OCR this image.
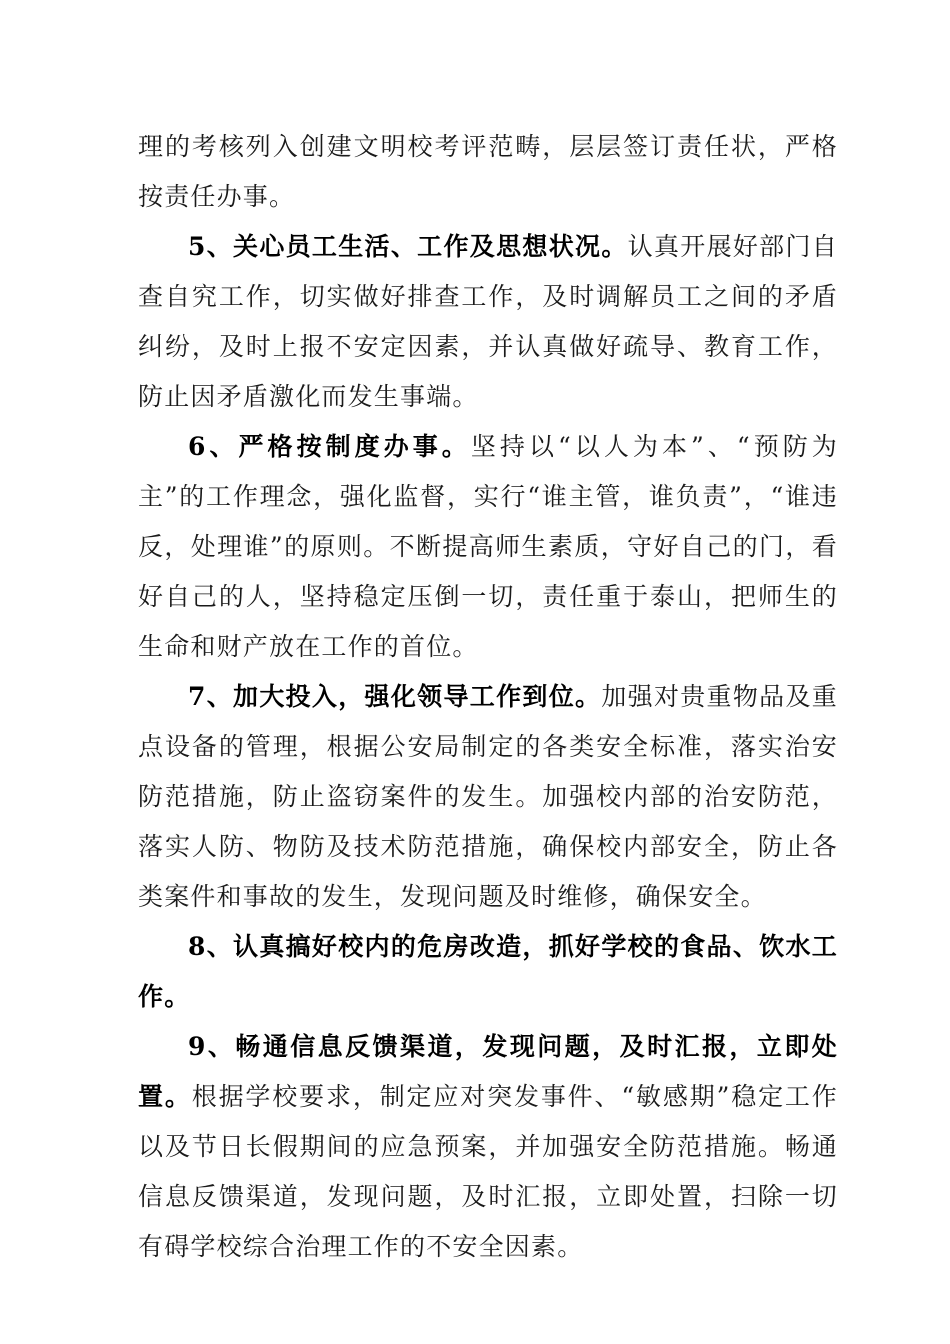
理的考核列入创建文明校考评范畴，层层签订责任状，严格按责任办事。

5、关心员工生活、工作及思想状况。认真开展好部门自查自究工作，切实做好排查工作，及时调解员工之间的矛盾纠纷，及时上报不安定因素，并认真做好疏导、教育工作，防止因矛盾激化而发生事端。

6、严格按制度办事。坚持以“以人为本”、“预防为主”的工作理念，强化监督，实行“谁主管，谁负责”，“谁违反，处理谁”的原则。不断提高师生素质，守好自己的门，看好自己的人，坚持稳定压倒一切，责任重于泰山，把师生的生命和财产放在工作的首位。

7、加大投入，强化领导工作到位。加强对贵重物品及重点设备的管理，根据公安局制定的各类安全标准，落实治安防范措施，防止盗窃案件的发生。加强校内部的治安防范，落实人防、物防及技术防范措施，确保校内部安全，防止各类案件和事故的发生，发现问题及时维修，确保安全。

8、认真搞好校内的危房改造，抓好学校的食品、饮水工作。

9、畅通信息反馈渠道，发现问题，及时汇报，立即处置。根据学校要求，制定应对突发事件、“敏感期”稳定工作以及节日长假期间的应急预案，并加强安全防范措施。畅通信息反馈渠道，发现问题，及时汇报，立即处置，扫除一切有碍学校综合治理工作的不安全因素。
